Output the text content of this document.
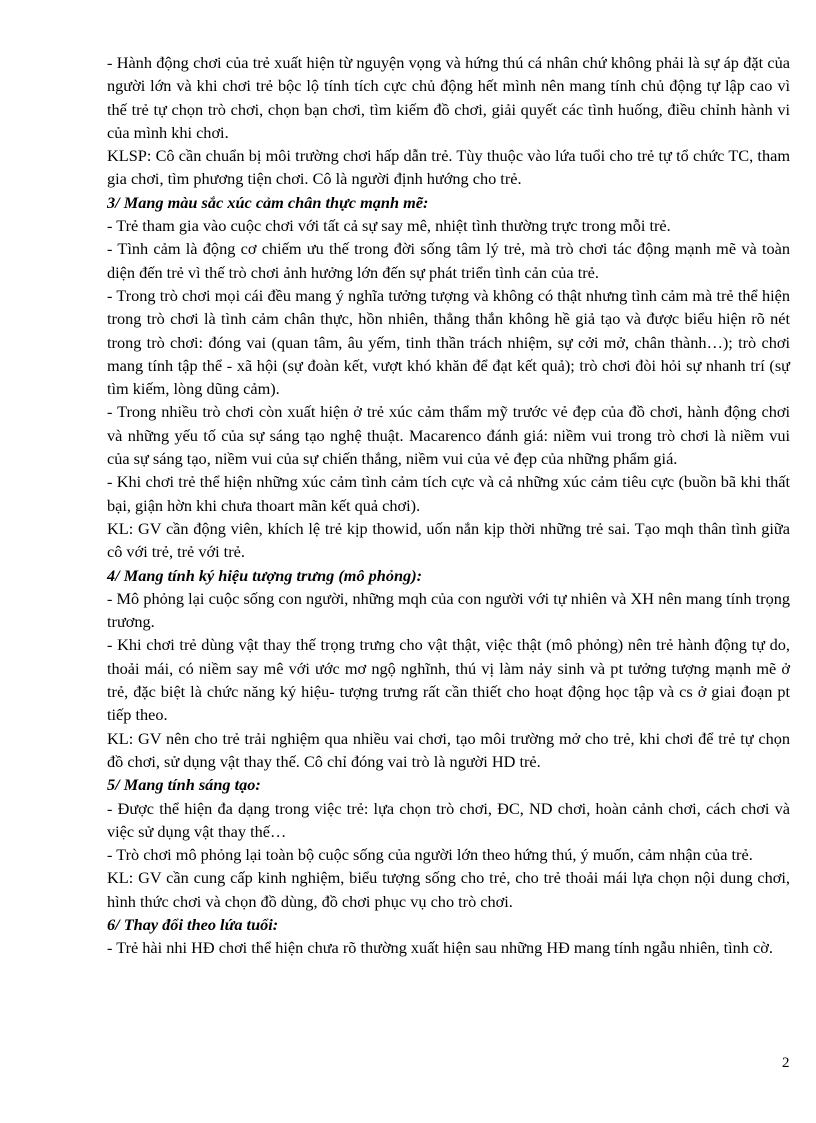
- Hành động chơi của trẻ xuất hiện từ nguyện vọng và hứng thú cá nhân chứ không phải là sự áp đặt của người lớn và khi chơi trẻ bộc lộ tính tích cực chủ động hết mình nên mang tính chủ động tự lập cao vì thế trẻ tự chọn trò chơi, chọn bạn chơi, tìm kiếm đồ chơi, giải quyết các tình huống, điều chỉnh hành vi của mình khi chơi.

KLSP: Cô cần chuẩn bị môi trường chơi hấp dẫn trẻ. Tùy thuộc vào lứa tuổi cho trẻ tự tổ chức TC, tham gia chơi, tìm phương tiện chơi. Cô là người định hướng cho trẻ.

3/ Mang màu sắc xúc cảm chân thực mạnh mẽ:

- Trẻ tham gia vào cuộc chơi với tất cả sự say mê, nhiệt tình thường trực trong mỗi trẻ.

- Tình cảm là động cơ chiếm ưu thế trong đời sống tâm lý trẻ, mà trò chơi tác động mạnh mẽ và toàn diện đến trẻ vì thế trò chơi ảnh hưởng lớn đến sự phát triển tình cản của trẻ.

- Trong trò chơi mọi cái đều mang ý nghĩa tưởng tượng và không có thật nhưng tình cảm mà trẻ thể hiện trong trò chơi là tình cảm chân thực, hồn nhiên, thẳng thắn không hề giả tạo và được biểu hiện rõ nét trong trò chơi: đóng vai (quan tâm, âu yếm, tinh thần trách nhiệm, sự cởi mở, chân thành…); trò chơi mang tính tập thể - xã hội (sự đoàn kết, vượt khó khăn để đạt kết quả); trò chơi đòi hỏi sự nhanh trí (sự tìm kiếm, lòng dũng cảm).

- Trong nhiều trò chơi còn xuất hiện ở trẻ xúc cảm thẩm mỹ trước vẻ đẹp của đồ chơi, hành động chơi và những yếu tố của sự sáng tạo nghệ thuật. Macarenco đánh giá: niềm vui trong trò chơi là niềm vui của sự sáng tạo, niềm vui của sự chiến thắng, niềm vui của vẻ đẹp của những phẩm giá.

- Khi chơi trẻ thể hiện những xúc cảm tình cảm tích cực và cả những xúc cảm tiêu cực (buồn bã khi thất bại, giận hờn khi chưa thoart mãn kết quả chơi).

KL: GV cần động viên, khích lệ trẻ kịp thowid, uốn nắn kịp thời những trẻ sai. Tạo mqh thân tình giữa cô với trẻ, trẻ với trẻ.

4/ Mang tính ký hiệu tượng trưng (mô phỏng):

- Mô phỏng lại cuộc sống con người, những mqh của con người với tự nhiên và XH nên mang tính trọng trương.

- Khi chơi trẻ dùng vật thay thế trọng trưng cho vật thật, việc thật (mô phỏng) nên trẻ hành động tự do, thoải mái, có niềm say mê với ước mơ ngộ nghĩnh, thú vị làm nảy sinh và pt tưởng tượng mạnh mẽ ở trẻ, đặc biệt là chức năng ký hiệu- tượng trưng rất cần thiết cho hoạt động học tập và cs ở giai đoạn pt tiếp theo.

KL: GV nên cho trẻ trải nghiệm qua nhiều vai chơi, tạo môi trường mở cho trẻ, khi chơi để trẻ tự chọn đồ chơi, sử dụng vật thay thế. Cô chỉ đóng vai trò là người HD trẻ.

5/ Mang tính sáng tạo:

- Được thể hiện đa dạng trong việc trẻ: lựa chọn trò chơi, ĐC, ND chơi, hoàn cảnh chơi, cách chơi và việc sử dụng vật thay thế…

- Trò chơi mô phỏng lại toàn bộ cuộc sống của người lớn theo hứng thú, ý muốn, cảm nhận của trẻ.

KL: GV cần cung cấp kinh nghiệm, biểu tượng sống cho trẻ, cho trẻ thoải mái lựa chọn nội dung chơi, hình thức chơi và chọn đồ dùng, đồ chơi phục vụ cho trò chơi.

6/ Thay đổi theo lứa tuổi:

- Trẻ hài nhi HĐ chơi thể hiện chưa rõ thường xuất hiện sau những HĐ mang tính ngẫu nhiên, tình cờ.

2
